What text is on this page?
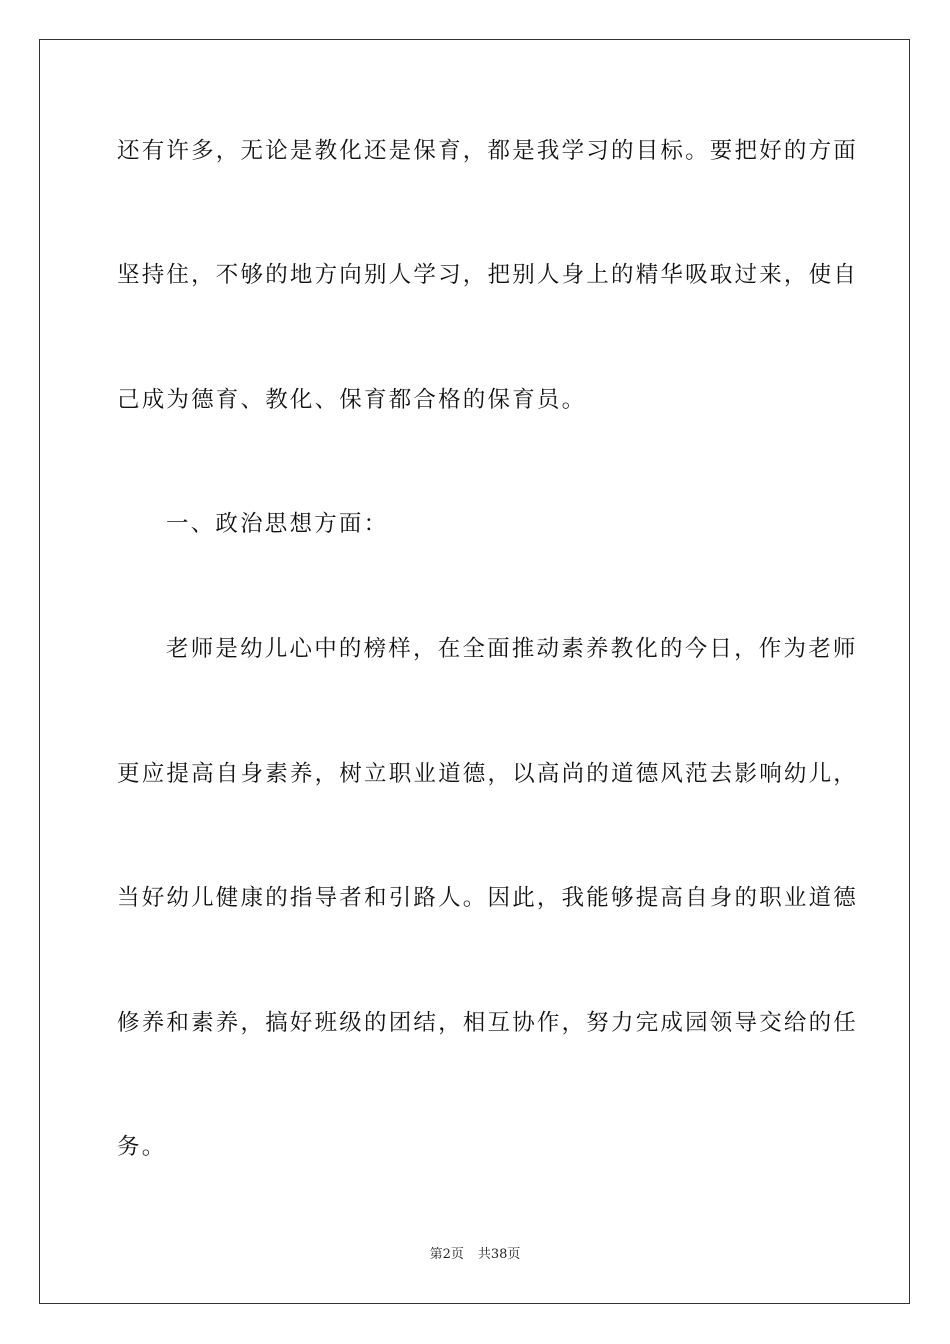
还有许多，无论是教化还是保育，都是我学习的目标。要把好的方面
坚持住，不够的地方向别人学习，把别人身上的精华吸取过来，使自
己成为德育、教化、保育都合格的保育员。
一、政治思想方面：
老师是幼儿心中的榜样，在全面推动素养教化的今日，作为老师
更应提高自身素养，树立职业道德，以高尚的道德风范去影响幼儿，
当好幼儿健康的指导者和引路人。因此，我能够提高自身的职业道德
修养和素养，搞好班级的团结，相互协作，努力完成园领导交给的任
务。
第2页 共38页
